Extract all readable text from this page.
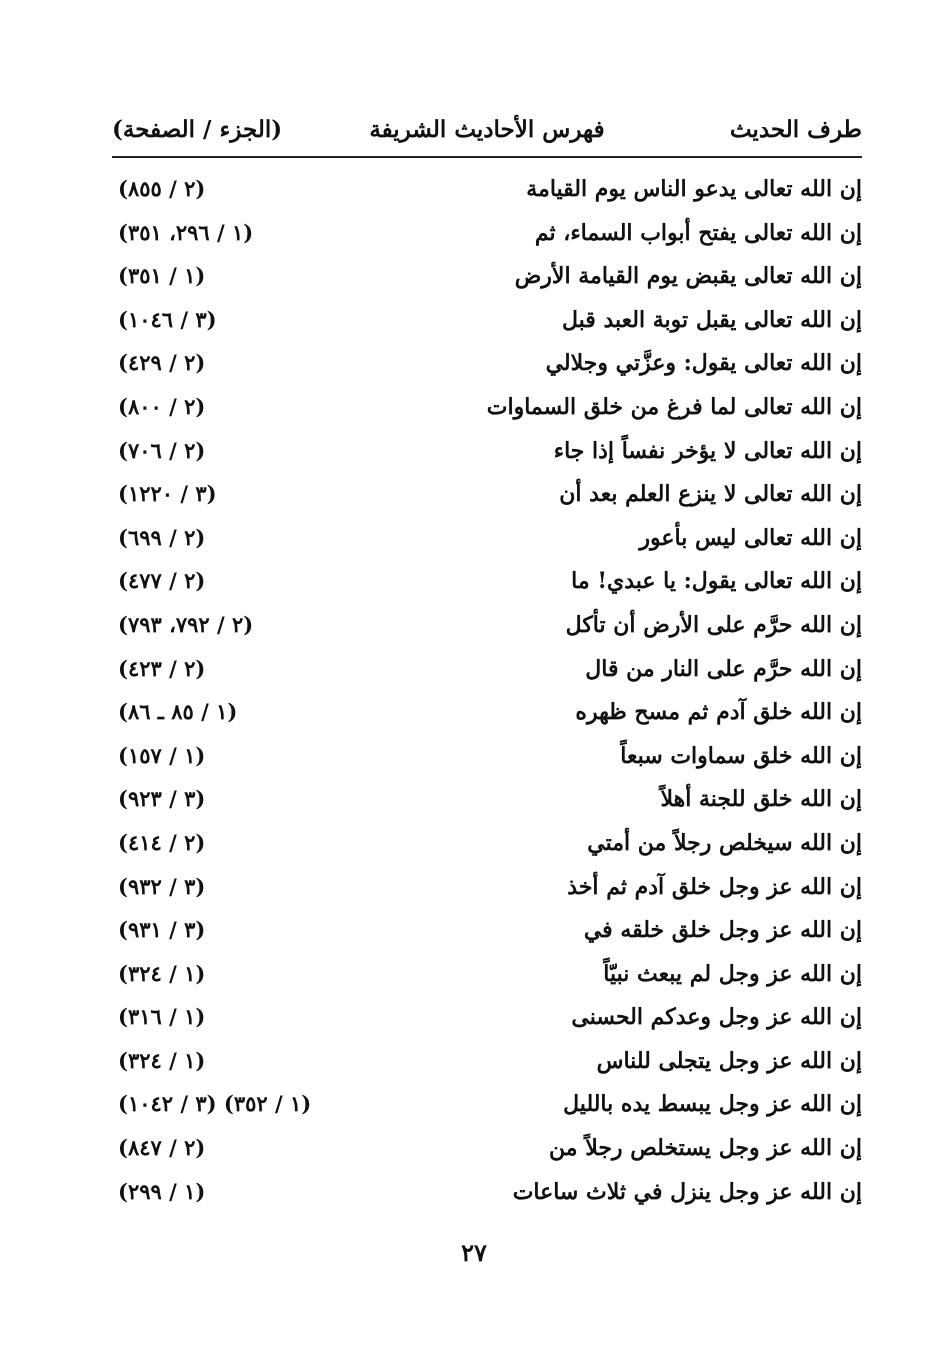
طرف الحديث
فهرس الأحاديث الشريفة
(الجزء / الصفحة)
إن الله تعالى يدعو الناس يوم القيامة
(٢ / ٨٥٥)
إن الله تعالى يفتح أبواب السماء، ثم
(١ / ٢٩٦، ٣٥١)
إن الله تعالى يقبض يوم القيامة الأرض
(١ / ٣٥١)
إن الله تعالى يقبل توبة العبد قبل
(٣ / ١٠٤٦)
إن الله تعالى يقول: وعزَّتي وجلالي
(٢ / ٤٢٩)
إن الله تعالى لما فرغ من خلق السماوات
(٢ / ٨٠٠)
إن الله تعالى لا يؤخر نفساً إذا جاء
(٢ / ٧٠٦)
إن الله تعالى لا ينزع العلم بعد أن
(٣ / ١٢٢٠)
إن الله تعالى ليس بأعور
(٢ / ٦٩٩)
إن الله تعالى يقول: يا عبدي! ما
(٢ / ٤٧٧)
إن الله حرَّم على الأرض أن تأكل
(٢ / ٧٩٢، ٧٩٣)
إن الله حرَّم على النار من قال
(٢ / ٤٢٣)
إن الله خلق آدم ثم مسح ظهره
(١ / ٨٥ ـ ٨٦)
إن الله خلق سماوات سبعاً
(١ / ١٥٧)
إن الله خلق للجنة أهلاً
(٣ / ٩٢٣)
إن الله سيخلص رجلاً من أمتي
(٢ / ٤١٤)
إن الله عز وجل خلق آدم ثم أخذ
(٣ / ٩٣٢)
إن الله عز وجل خلق خلقه في
(٣ / ٩٣١)
إن الله عز وجل لم يبعث نبيّاً
(١ / ٣٢٤)
إن الله عز وجل وعدكم الحسنى
(١ / ٣١٦)
إن الله عز وجل يتجلى للناس
(١ / ٣٢٤)
إن الله عز وجل يبسط يده بالليل
(١ / ٣٥٢) (٣ / ١٠٤٢)
إن الله عز وجل يستخلص رجلاً من
(٢ / ٨٤٧)
إن الله عز وجل ينزل في ثلاث ساعات
(١ / ٢٩٩)
٢٧
